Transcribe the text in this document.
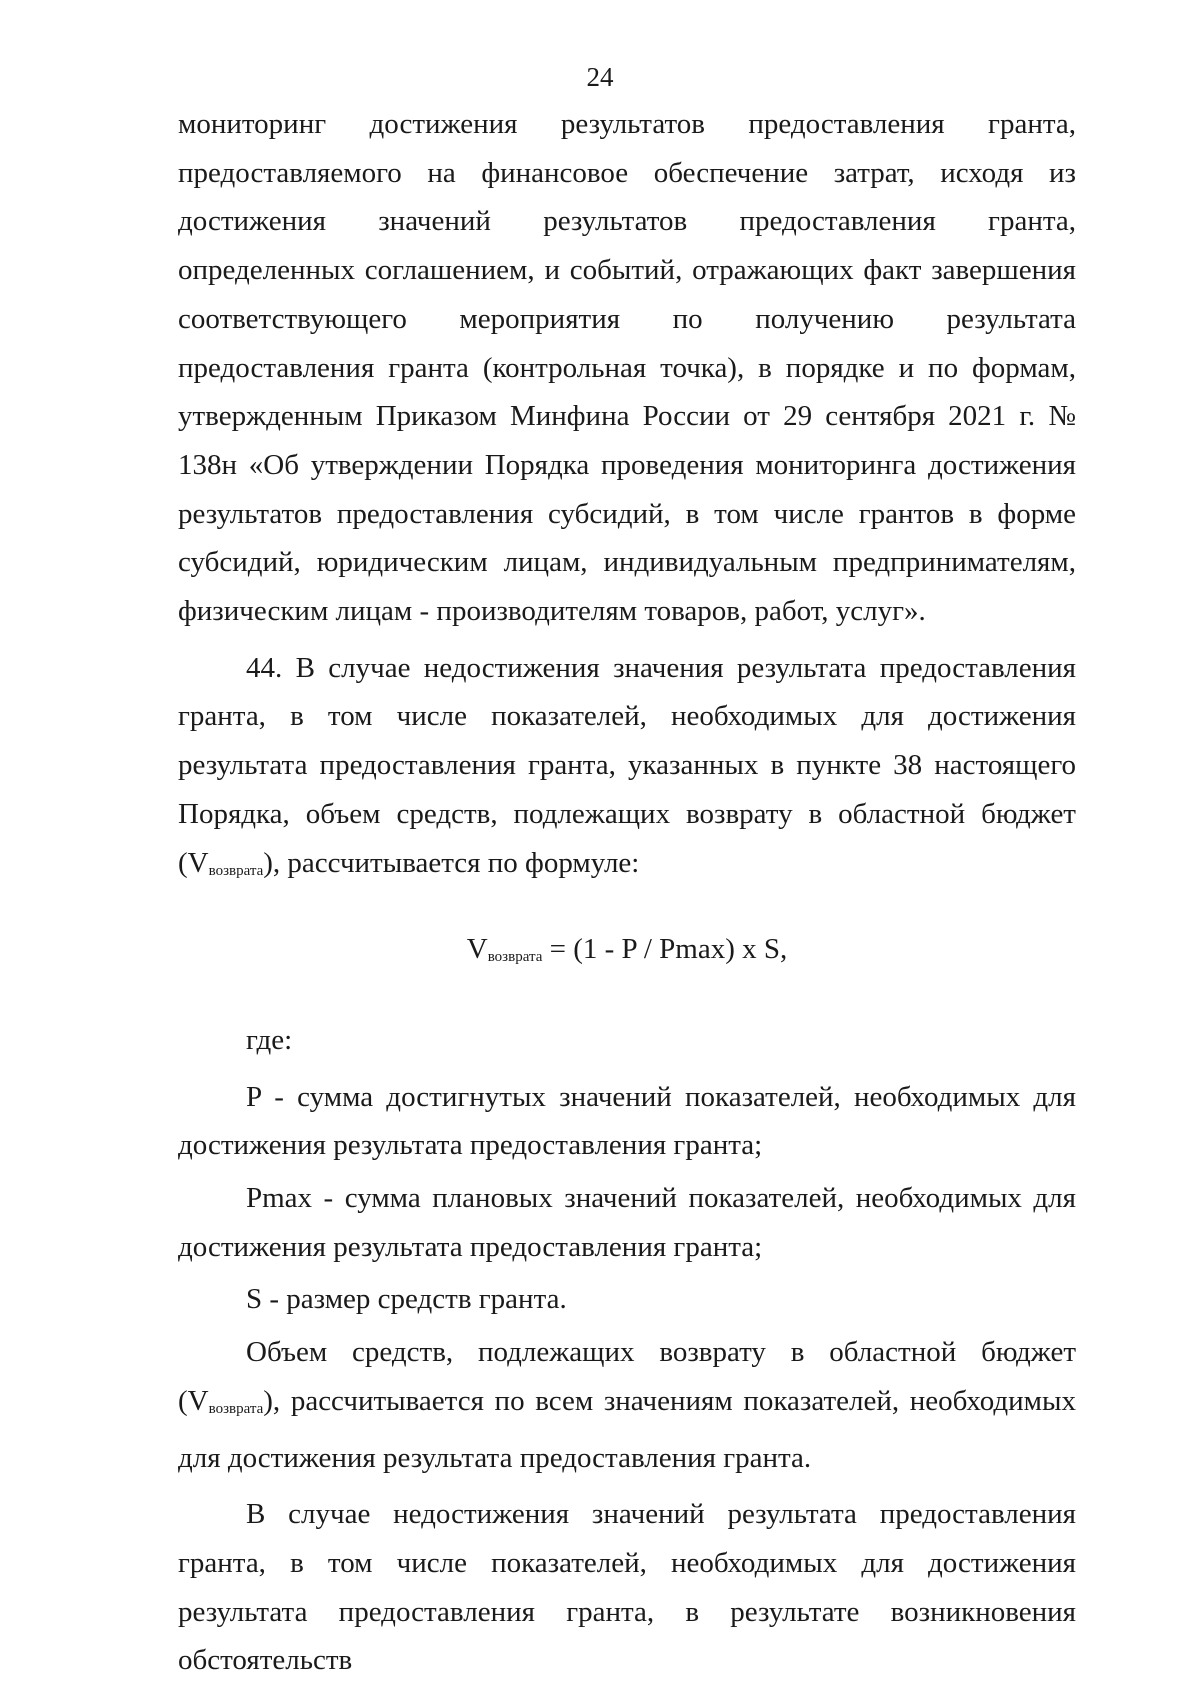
24

мониторинг достижения результатов предоставления гранта, предоставляемого на финансовое обеспечение затрат, исходя из достижения значений результатов предоставления гранта, определенных соглашением, и событий, отражающих факт завершения соответствующего мероприятия по получению результата предоставления гранта (контрольная точка), в порядке и по формам, утвержденным Приказом Минфина России от 29 сентября 2021 г. № 138н «Об утверждении Порядка проведения мониторинга достижения результатов предоставления субсидий, в том числе грантов в форме субсидий, юридическим лицам, индивидуальным предпринимателям, физическим лицам - производителям товаров, работ, услуг».

44. В случае недостижения значения результата предоставления гранта, в том числе показателей, необходимых для достижения результата предоставления гранта, указанных в пункте 38 настоящего Порядка, объем средств, подлежащих возврату в областной бюджет $(V_{возврата})$, рассчитывается по формуле:

$V_{возврата} = (1 - P / Pmax)$ x S,

где:

P - сумма достигнутых значений показателей, необходимых для достижения результата предоставления гранта;

Pmax - сумма плановых значений показателей, необходимых для достижения результата предоставления гранта;

S - размер средств гранта.

Объем средств, подлежащих возврату в областной бюджет $(V_{возврата})$, рассчитывается по всем значениям показателей, необходимых для достижения результата предоставления гранта.

В случае недостижения значений результата предоставления гранта, в том числе показателей, необходимых для достижения результата предоставления гранта, в результате возникновения обстоятельств
